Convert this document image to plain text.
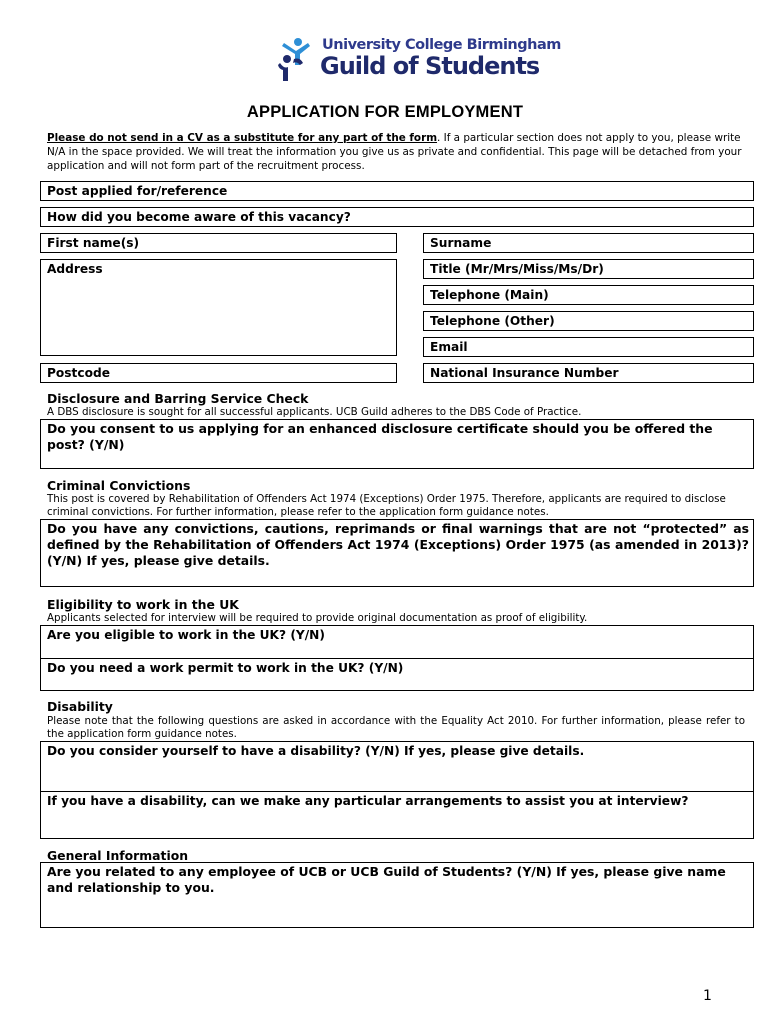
University College Birmingham
Guild of Students
APPLICATION FOR EMPLOYMENT
Please do not send in a CV as a substitute for any part of the form. If a particular section does not apply to you, please write N/A in the space provided. We will treat the information you give us as private and confidential. This page will be detached from your application and will not form part of the recruitment process.
Post applied for/reference
How did you become aware of this vacancy?
First name(s)	Surname
Address	Title (Mr/Mrs/Miss/Ms/Dr)
Telephone (Main)
Telephone (Other)
Email
Postcode	National Insurance Number
Disclosure and Barring Service Check
A DBS disclosure is sought for all successful applicants. UCB Guild adheres to the DBS Code of Practice.
Do you consent to us applying for an enhanced disclosure certificate should you be offered the post? (Y/N)
Criminal Convictions
This post is covered by Rehabilitation of Offenders Act 1974 (Exceptions) Order 1975. Therefore, applicants are required to disclose criminal convictions. For further information, please refer to the application form guidance notes.
Do you have any convictions, cautions, reprimands or final warnings that are not “protected” as defined by the Rehabilitation of Offenders Act 1974 (Exceptions) Order 1975 (as amended in 2013)? (Y/N) If yes, please give details.
Eligibility to work in the UK
Applicants selected for interview will be required to provide original documentation as proof of eligibility.
Are you eligible to work in the UK? (Y/N)
Do you need a work permit to work in the UK? (Y/N)
Disability
Please note that the following questions are asked in accordance with the Equality Act 2010. For further information, please refer to the application form guidance notes.
Do you consider yourself to have a disability? (Y/N) If yes, please give details.
If you have a disability, can we make any particular arrangements to assist you at interview?
General Information
Are you related to any employee of UCB or UCB Guild of Students? (Y/N) If yes, please give name and relationship to you.
1
